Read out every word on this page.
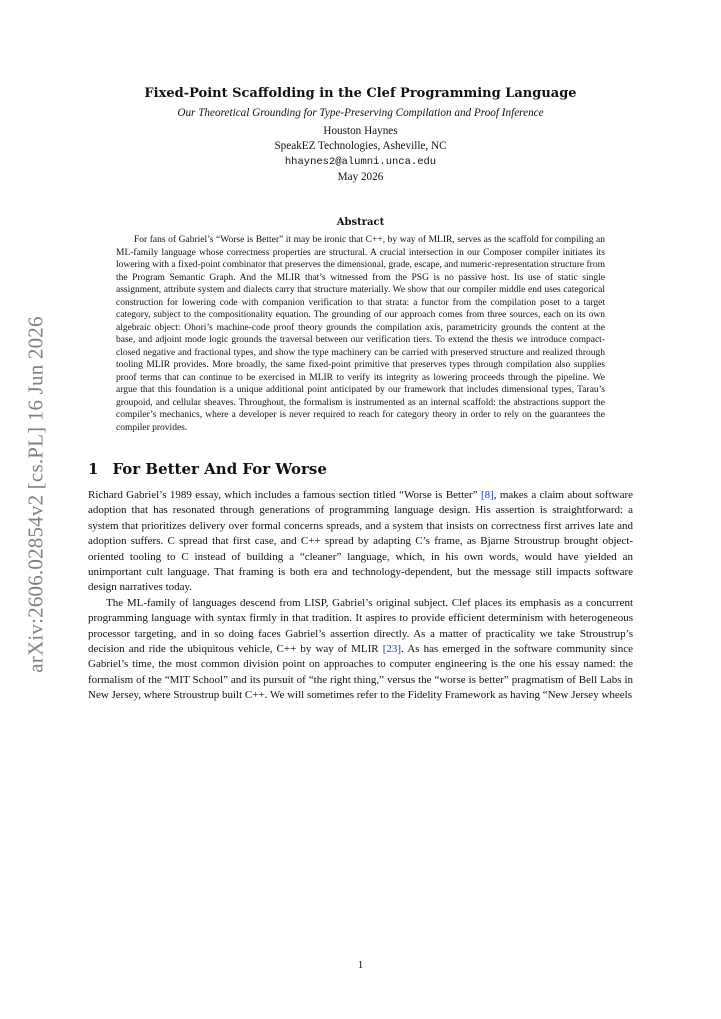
arXiv:2606.02854v2 [cs.PL] 16 Jun 2026
Fixed-Point Scaffolding in the Clef Programming Language
Our Theoretical Grounding for Type-Preserving Compilation and Proof Inference
Houston Haynes
SpeakEZ Technologies, Asheville, NC
hhaynes2@alumni.unca.edu
May 2026
Abstract

For fans of Gabriel’s “Worse is Better” it may be ironic that C++, by way of MLIR, serves as the scaffold for compiling an ML-family language whose correctness properties are structural. A crucial intersection in our Composer compiler initiates its lowering with a fixed-point combinator that preserves the dimensional, grade, escape, and numeric-representation structure from the Program Semantic Graph. And the MLIR that’s witnessed from the PSG is no passive host. Its use of static single assignment, attribute system and dialects carry that structure materially. We show that our compiler middle end uses categorical construction for lowering code with companion verification to that strata: a functor from the compilation poset to a target category, subject to the compositionality equation. The grounding of our approach comes from three sources, each on its own algebraic object: Ohori’s machine-code proof theory grounds the compilation axis, parametricity grounds the content at the base, and adjoint mode logic grounds the traversal between our verification tiers. To extend the thesis we introduce compact-closed negative and fractional types, and show the type machinery can be carried with preserved structure and realized through tooling MLIR provides. More broadly, the same fixed-point primitive that preserves types through compilation also supplies proof terms that can continue to be exercised in MLIR to verify its integrity as lowering proceeds through the pipeline. We argue that this foundation is a unique additional point anticipated by our framework that includes dimensional types, Tarau’s groupoid, and cellular sheaves. Throughout, the formalism is instrumented as an internal scaffold: the abstractions support the compiler’s mechanics, where a developer is never required to reach for category theory in order to rely on the guarantees the compiler provides.

1 For Better And For Worse

Richard Gabriel’s 1989 essay, which includes a famous section titled “Worse is Better” [8], makes a claim about software adoption that has resonated through generations of programming language design. His assertion is straightforward: a system that prioritizes delivery over formal concerns spreads, and a system that insists on correctness first arrives late and adoption suffers. C spread that first case, and C++ spread by adapting C’s frame, as Bjarne Stroustrup brought object-oriented tooling to C instead of building a “cleaner” language, which, in his own words, would have yielded an unimportant cult language. That framing is both era and technology-dependent, but the message still impacts software design narratives today.

The ML-family of languages descend from LISP, Gabriel’s original subject. Clef places its emphasis as a concurrent programming language with syntax firmly in that tradition. It aspires to provide efficient determinism with heterogeneous processor targeting, and in so doing faces Gabriel’s assertion directly. As a matter of practicality we take Stroustrup’s decision and ride the ubiquitous vehicle, C++ by way of MLIR [23]. As has emerged in the software community since Gabriel’s time, the most common division point on approaches to computer engineering is the one his essay named: the formalism of the “MIT School” and its pursuit of “the right thing,” versus the “worse is better” pragmatism of Bell Labs in New Jersey, where Stroustrup built C++. We will sometimes refer to the Fidelity Framework as having “New Jersey wheels

1
